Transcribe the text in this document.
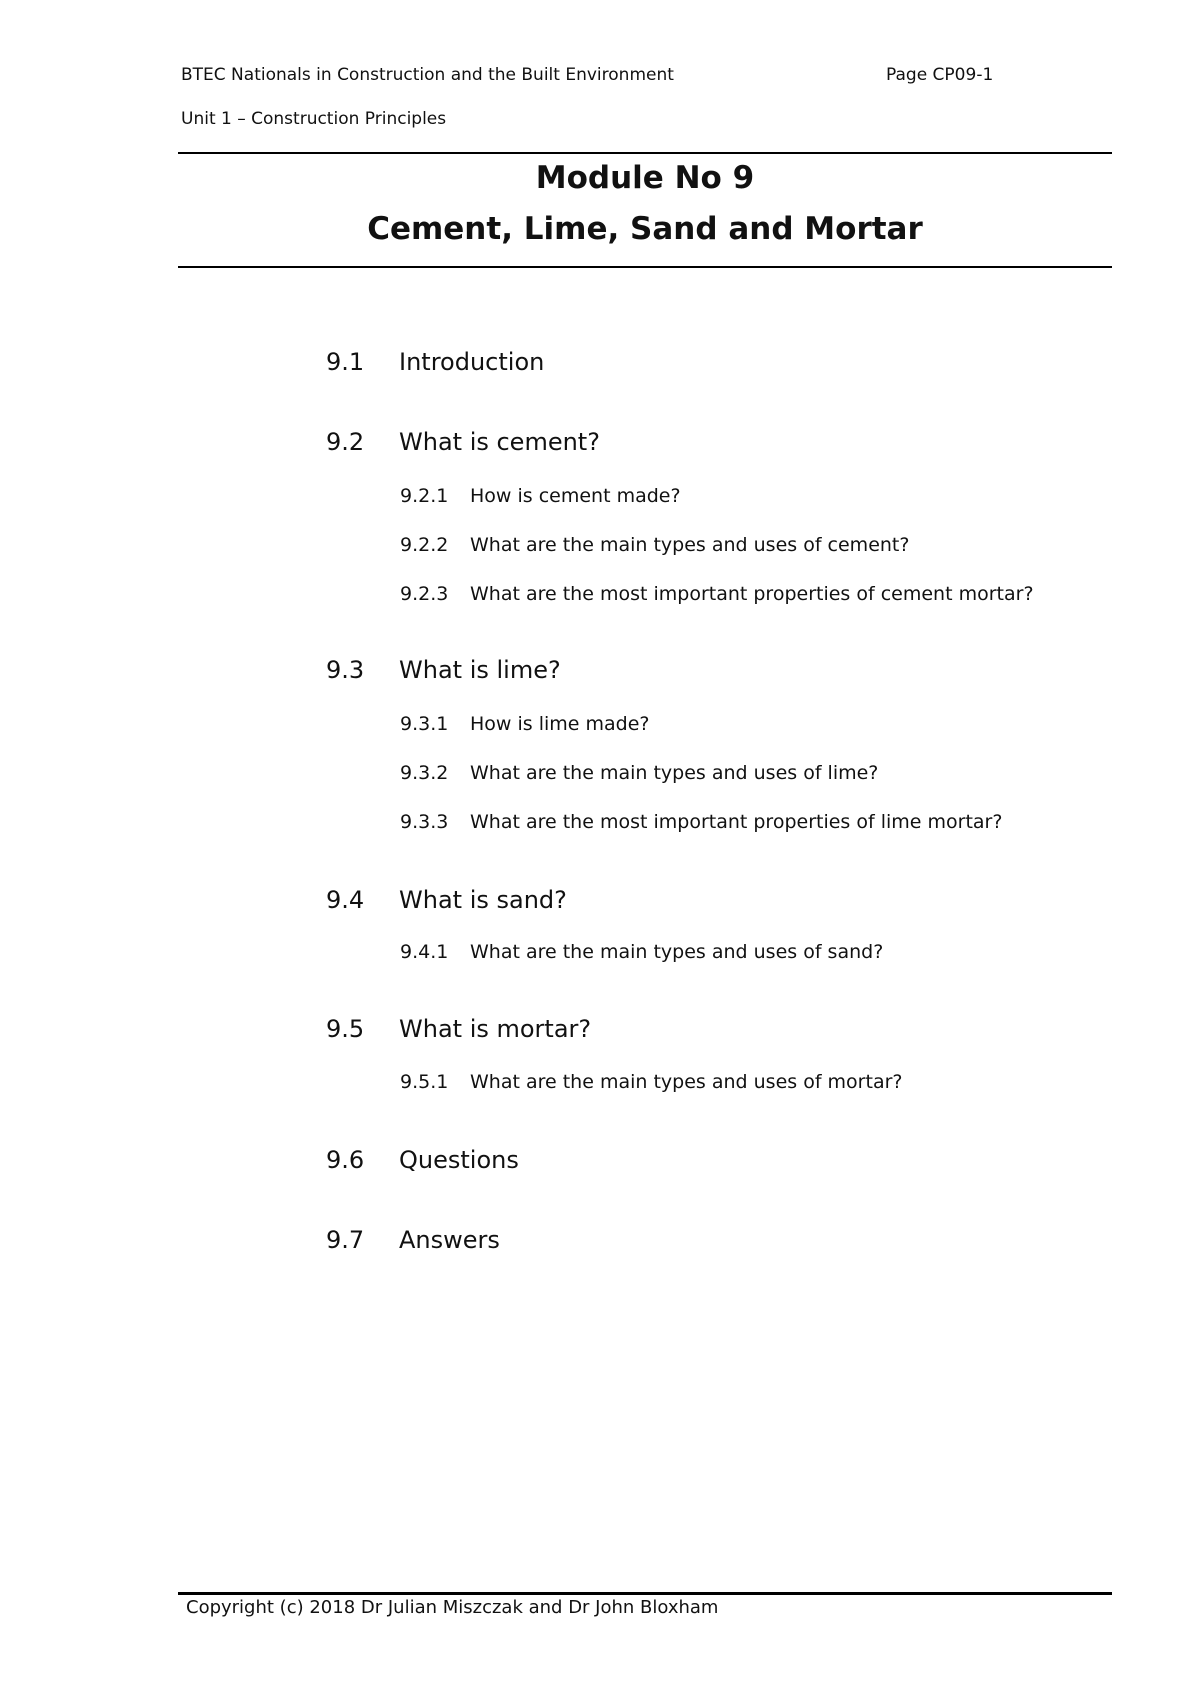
BTEC Nationals in Construction and the Built Environment	Page CP09-1
Unit 1 – Construction Principles
Module No 9
Cement, Lime, Sand and Mortar
9.1 Introduction
9.2 What is cement?
9.2.1 How is cement made?
9.2.2 What are the main types and uses of cement?
9.2.3 What are the most important properties of cement mortar?
9.3 What is lime?
9.3.1 How is lime made?
9.3.2 What are the main types and uses of lime?
9.3.3 What are the most important properties of lime mortar?
9.4 What is sand?
9.4.1 What are the main types and uses of sand?
9.5 What is mortar?
9.5.1 What are the main types and uses of mortar?
9.6 Questions
9.7 Answers
Copyright (c) 2018 Dr Julian Miszczak and Dr John Bloxham
